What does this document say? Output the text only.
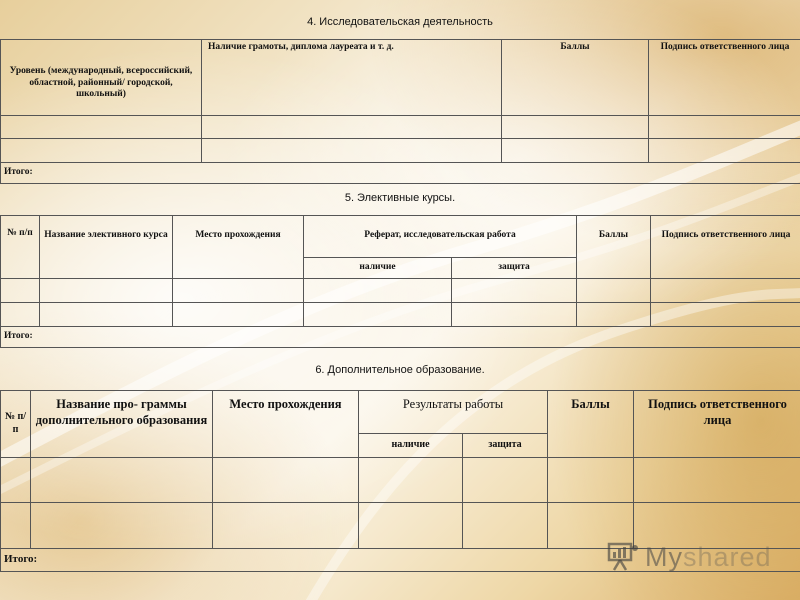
4. Исследовательская деятельность
Уровень (международный, всероссийский, областной, районный/ городской, школьный)	Наличие грамоты, диплома лауреата и т. д.	Баллы	Подпись ответственного лица

Итого:			
5. Элективные курсы.
№ п/п	Название элективного курса	Место прохождения	Реферат, исследовательская работа		Баллы	Подпись ответственного лица
			наличие	защита		

Итого:						
6. Дополнительное образование.
№ п/ п	Название про- граммы дополнительного образования	Место прохождения	Результаты работы		Баллы	Подпись ответственного лица
			наличие	защита		

Итого:							Myshared
